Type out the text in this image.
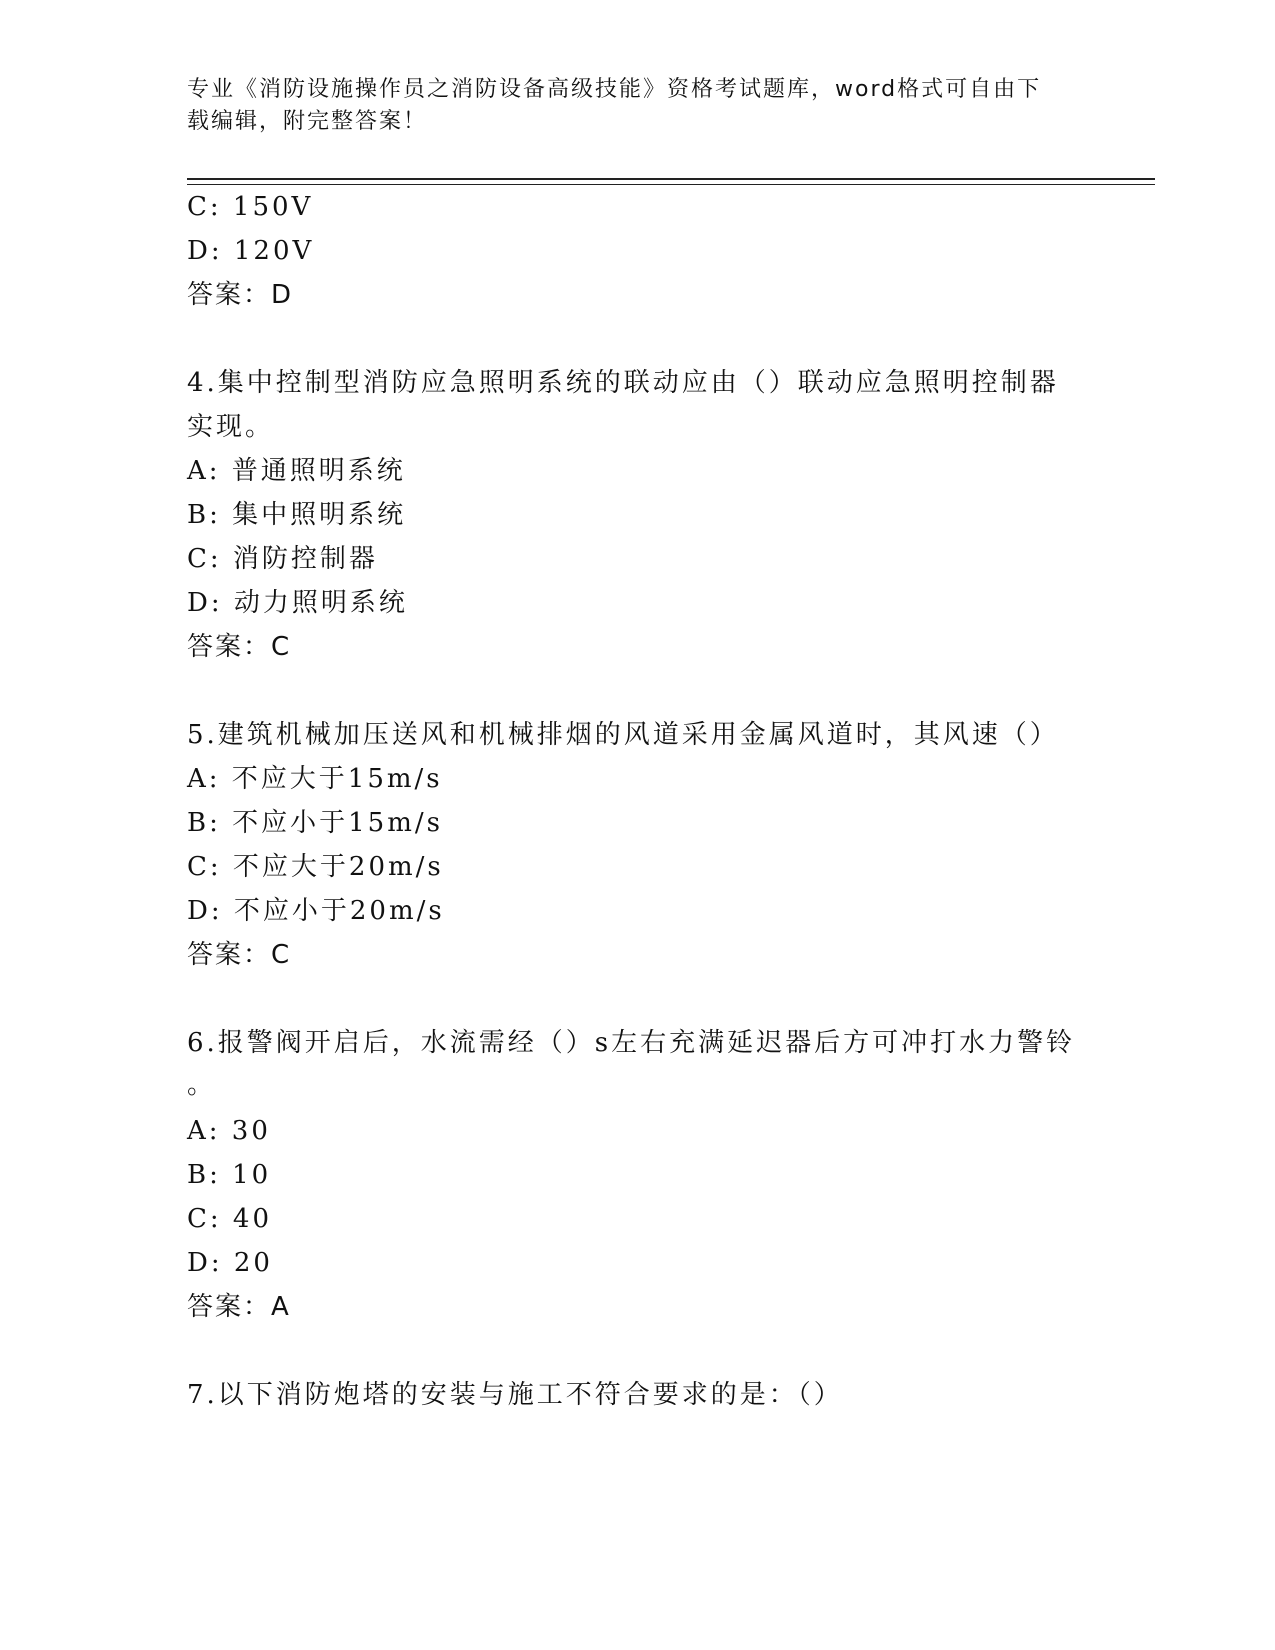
专业《消防设施操作员之消防设备高级技能》资格考试题库，word格式可自由下
载编辑，附完整答案！
C: 150V
D: 120V
答案：D
4.集中控制型消防应急照明系统的联动应由（）联动应急照明控制器
实现。
A: 普通照明系统
B: 集中照明系统
C: 消防控制器
D: 动力照明系统
答案：C
5.建筑机械加压送风和机械排烟的风道采用金属风道时，其风速（）
A: 不应大于15m/s
B: 不应小于15m/s
C: 不应大于20m/s
D: 不应小于20m/s
答案：C
6.报警阀开启后，水流需经（）s左右充满延迟器后方可冲打水力警铃
。
A: 30
B: 10
C: 40
D: 20
答案：A
7.以下消防炮塔的安装与施工不符合要求的是：（）
